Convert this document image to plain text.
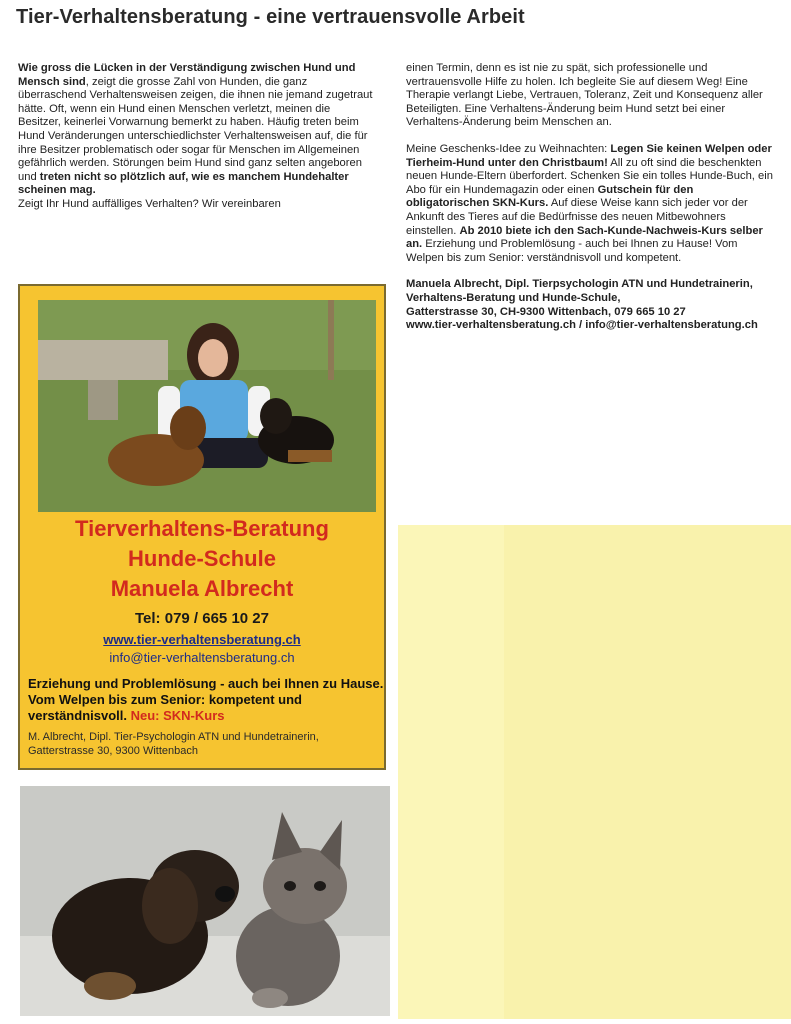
Tier-Verhaltensberatung - eine vertrauensvolle Arbeit

Wie gross die Lücken in der Verständigung zwischen Hund und Mensch sind, zeigt die grosse Zahl von Hunden, die ganz überraschend Verhaltensweisen zeigen, die ihnen nie jemand zugetraut hätte. Oft, wenn ein Hund einen Menschen verletzt, meinen die Besitzer, keinerlei Vorwarnung bemerkt zu haben. Häufig treten beim Hund Veränderungen unterschiedlichster Verhaltensweisen auf, die für ihre Besitzer problematisch oder sogar für Menschen im Allgemeinen gefährlich werden. Störungen beim Hund sind ganz selten angeboren und treten nicht so plötzlich auf, wie es manchem Hundehalter scheinen mag.

Zeigt Ihr Hund auffälliges Verhalten? Wir vereinbaren

einen Termin, denn es ist nie zu spät, sich professionelle und vertrauensvolle Hilfe zu holen. Ich begleite Sie auf diesem Weg! Eine Therapie verlangt Liebe, Vertrauen, Toleranz, Zeit und Konsequenz aller Beteiligten. Eine Verhaltens-Änderung beim Hund setzt bei einer Verhaltens-Änderung beim Menschen an.

Meine Geschenks-Idee zu Weihnachten: Legen Sie keinen Welpen oder Tierheim-Hund unter den Christbaum! All zu oft sind die beschenkten neuen Hunde-Eltern überfordert. Schenken Sie ein tolles Hunde-Buch, ein Abo für ein Hundemagazin oder einen Gutschein für den obligatorischen SKN-Kurs. Auf diese Weise kann sich jeder vor der Ankunft des Tieres auf die Bedürfnisse des neuen Mitbewohners einstellen. Ab 2010 biete ich den Sach-Kunde-Nachweis-Kurs selber an. Erziehung und Problemlösung - auch bei Ihnen zu Hause! Vom Welpen bis zum Senior: verständnisvoll und kompetent.

Manuela Albrecht, Dipl. Tierpsychologin ATN und Hundetrainerin, Verhaltens-Beratung und Hunde-Schule,
Gatterstrasse 30, CH-9300 Wittenbach, 079 665 10 27
www.tier-verhaltensberatung.ch / info@tier-verhaltensberatung.ch

Tierverhaltens-Beratung
Hunde-Schule
Manuela Albrecht
Tel: 079 / 665 10 27
www.tier-verhaltensberatung.ch
info@tier-verhaltensberatung.ch
Erziehung und Problemlösung - auch bei Ihnen zu Hause. Vom Welpen bis zum Senior: kompetent und verständnisvoll. Neu: SKN-Kurs
M. Albrecht, Dipl. Tier-Psychologin ATN und Hundetrainerin, Gatterstrasse 30, 9300 Wittenbach
